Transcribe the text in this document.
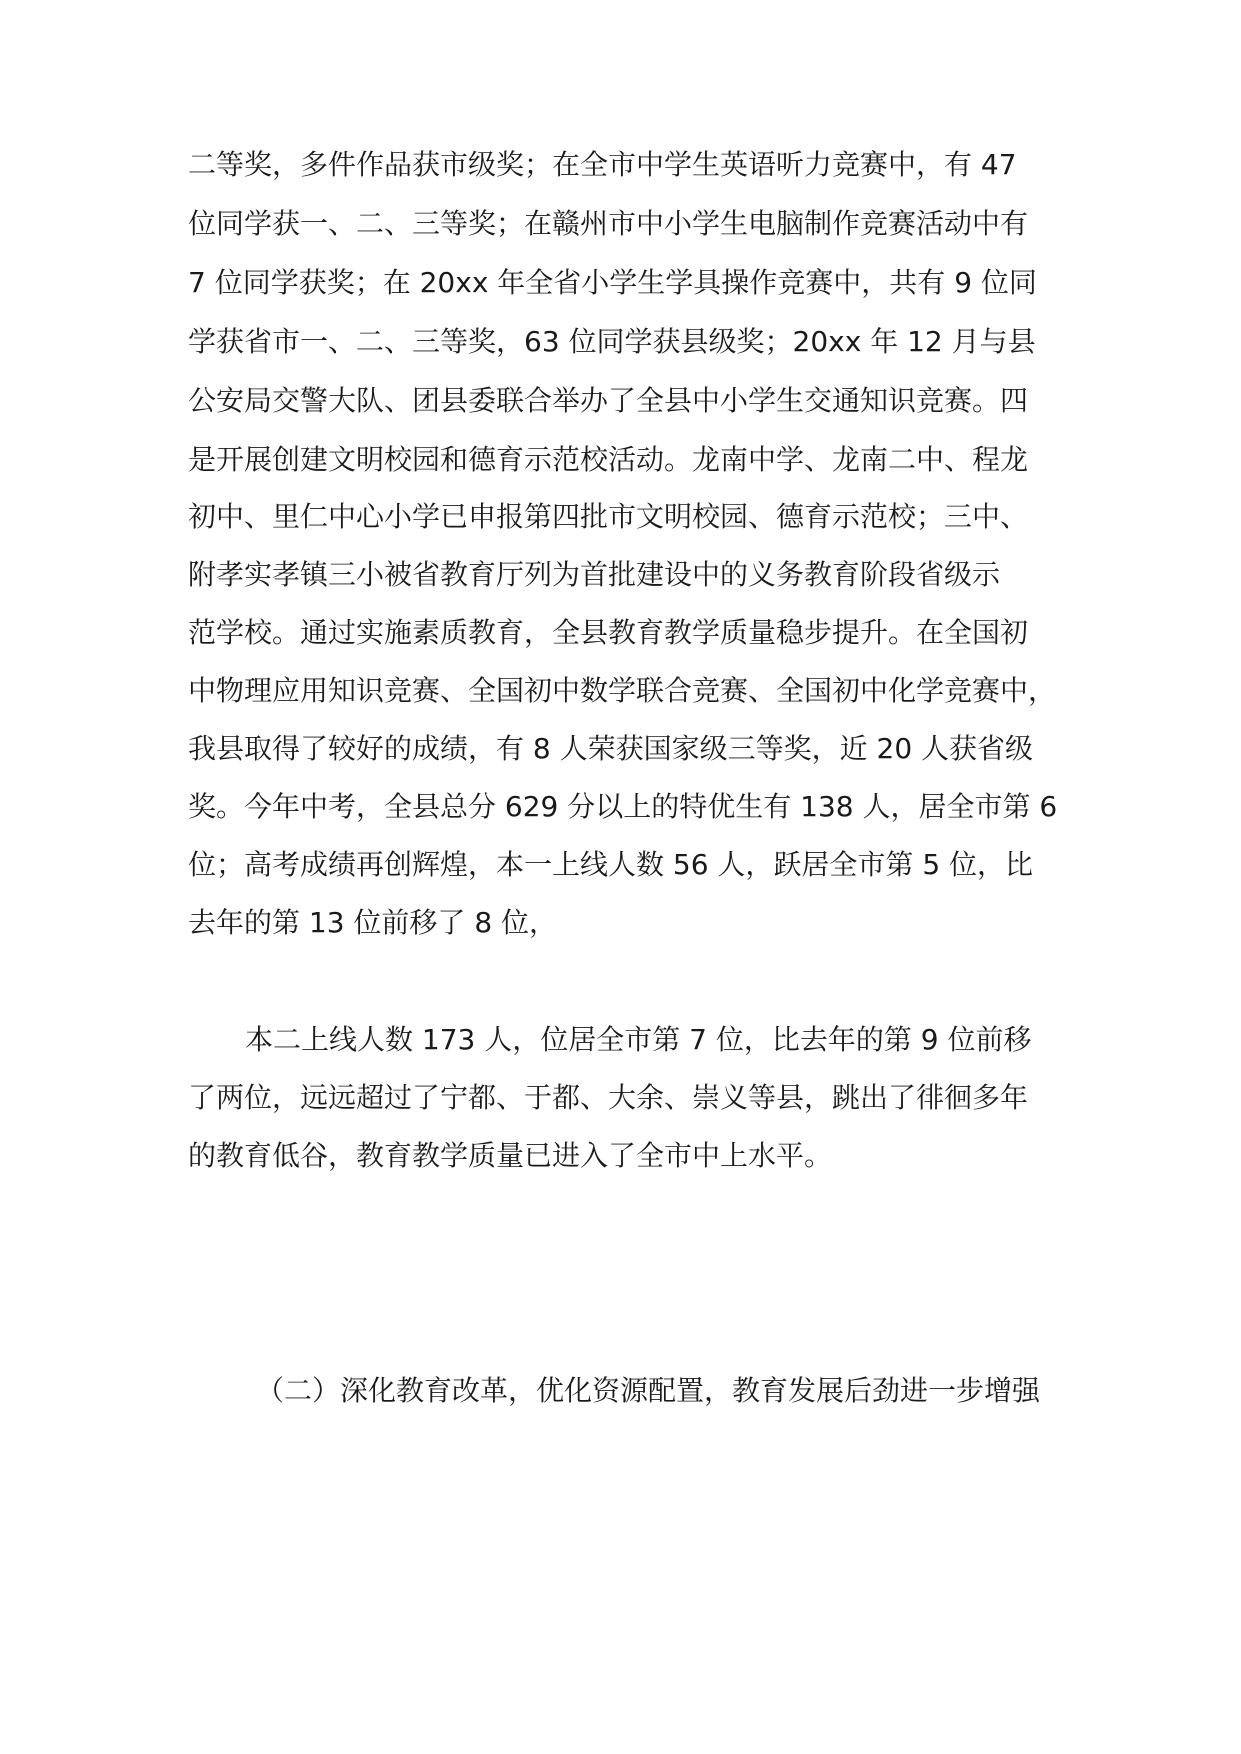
二等奖，多件作品获市级奖；在全市中学生英语听力竞赛中，有 47
位同学获一、二、三等奖；在赣州市中小学生电脑制作竞赛活动中有
7 位同学获奖；在 20xx 年全省小学生学具操作竞赛中，共有 9 位同
学获省市一、二、三等奖，63 位同学获县级奖；20xx 年 12 月与县
公安局交警大队、团县委联合举办了全县中小学生交通知识竞赛。四
是开展创建文明校园和德育示范校活动。龙南中学、龙南二中、程龙
初中、里仁中心小学已申报第四批市文明校园、德育示范校；三中、
附孝实孝镇三小被省教育厅列为首批建设中的义务教育阶段省级示
范学校。通过实施素质教育，全县教育教学质量稳步提升。在全国初
中物理应用知识竞赛、全国初中数学联合竞赛、全国初中化学竞赛中，
我县取得了较好的成绩，有 8 人荣获国家级三等奖，近 20 人获省级
奖。今年中考，全县总分 629 分以上的特优生有 138 人，居全市第 6
位；高考成绩再创辉煌，本一上线人数 56 人，跃居全市第 5 位，比
去年的第 13 位前移了 8 位，
本二上线人数 173 人，位居全市第 7 位，比去年的第 9 位前移
了两位，远远超过了宁都、于都、大余、崇义等县，跳出了徘徊多年
的教育低谷，教育教学质量已进入了全市中上水平。
（二）深化教育改革，优化资源配置，教育发展后劲进一步增强
